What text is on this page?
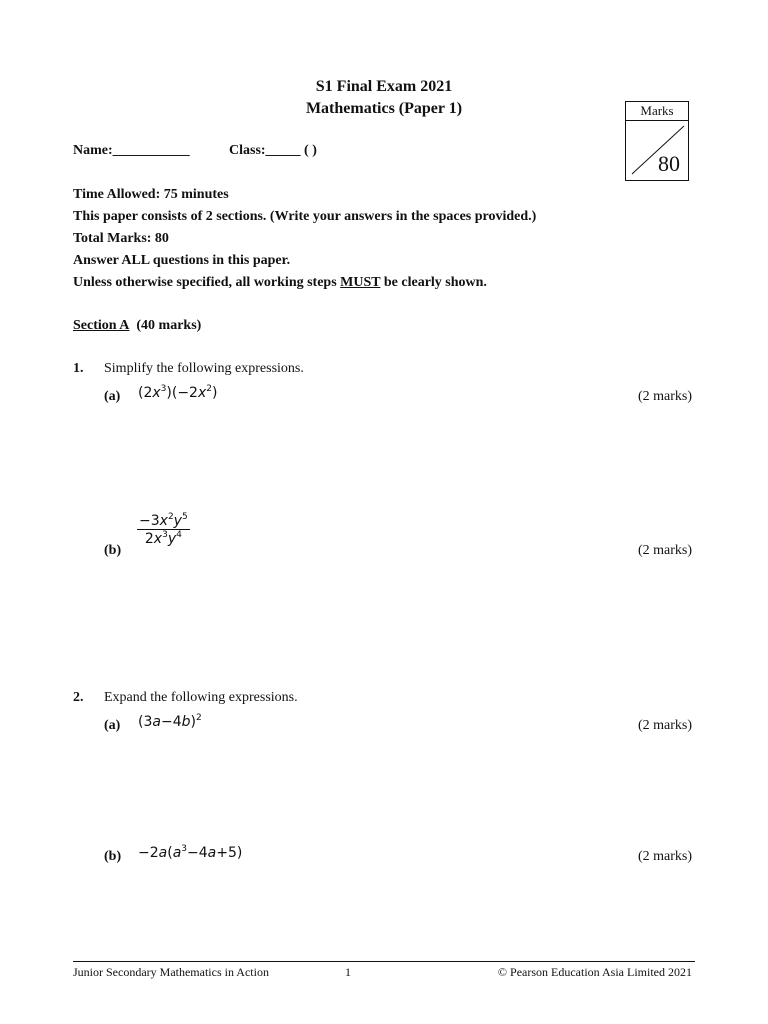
S1 Final Exam 2021
Mathematics (Paper 1)	Marks
80
Name:___________	Class:_____ ( )
Time Allowed: 75 minutes
This paper consists of 2 sections. (Write your answers in the spaces provided.)
Total Marks: 80
Answer ALL questions in this paper.
Unless otherwise specified, all working steps MUST be clearly shown.
Section A (40 marks)
1. Simplify the following expressions.
(a) $(2x^3)(-2x^2)$	(2 marks)
(b)
$\frac{-3x^2y^5}{2x^3y^4}$
(2 marks)
2. Expand the following expressions.
(a) $(3a-4b)^2$	(2 marks)
$(b) -2a(a^3-4a+5)$	(2 marks)
Junior Secondary Mathematics in Action	1	© Pearson Education Asia Limited 2021
